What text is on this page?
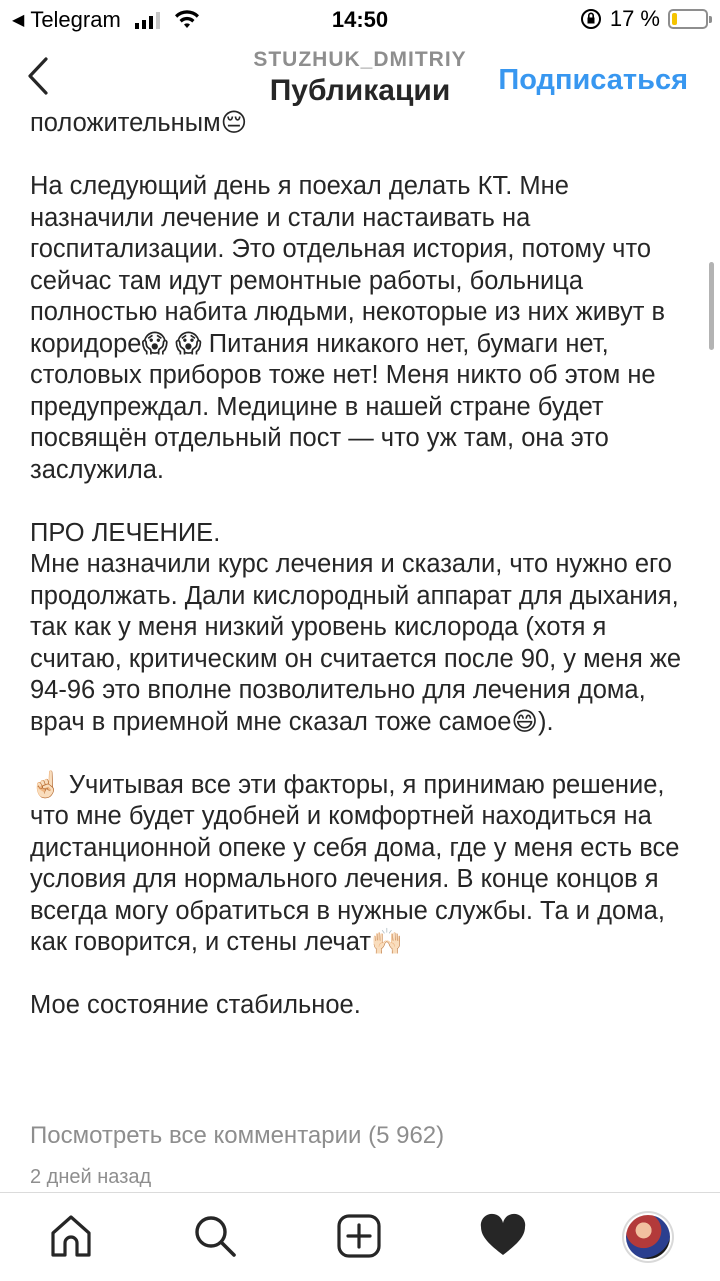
◀ Telegram	14:50	17 %
STUZHUK_DMITRIY
Публикации	Подписаться

положительным😔

На следующий день я поехал делать КТ. Мне назначили лечение и стали настаивать на госпитализации. Это отдельная история, потому что сейчас там идут ремонтные работы, больница полностью набита людьми, некоторые из них живут в коридоре😱 😱 Питания никакого нет, бумаги нет, столовых приборов тоже нет! Меня никто об этом не предупреждал. Медицине в нашей стране будет посвящён отдельный пост — что уж там, она это заслужила.

ПРО ЛЕЧЕНИЕ.

Мне назначили курс лечения и сказали, что нужно его продолжать. Дали кислородный аппарат для дыхания, так как у меня низкий уровень кислорода (хотя я считаю, критическим он считается после 90, у меня же 94-96 это вполне позволительно для лечения дома, врач в приемной мне сказал тоже самое😄).

☝🏻 Учитывая все эти факторы, я принимаю решение, что мне будет удобней и комфортней находиться на дистанционной опеке у себя дома, где у меня есть все условия для нормального лечения. В конце концов я всегда могу обратиться в нужные службы. Та и дома, как говорится, и стены лечат🙌🏻

Мое состояние стабильное.

Посмотреть все комментарии (5 962)
2 дней назад
